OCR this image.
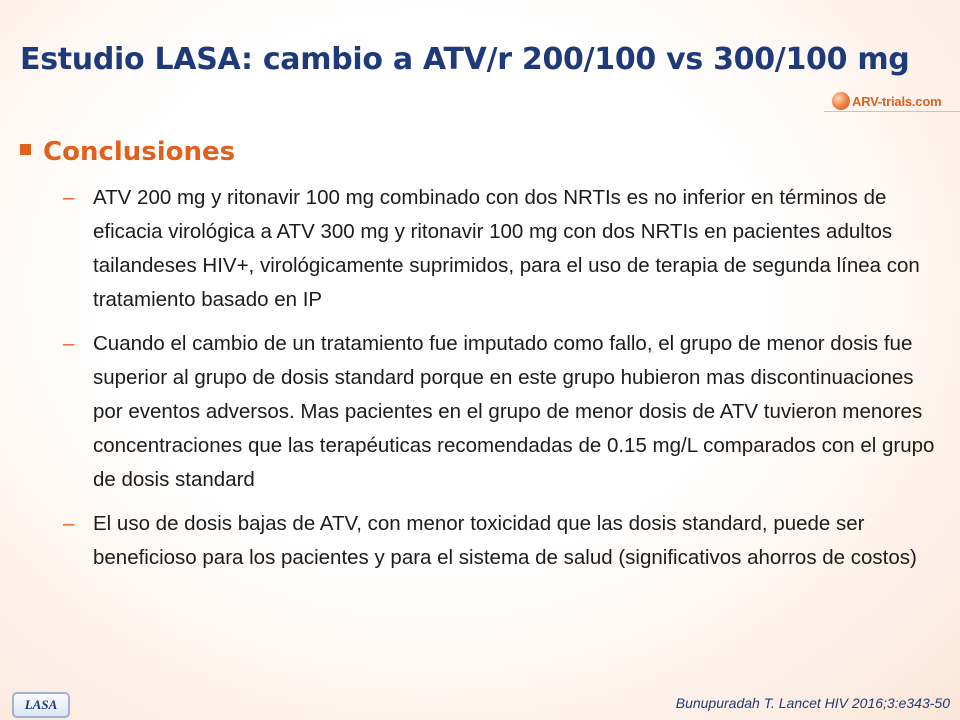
Estudio LASA: cambio a ATV/r 200/100 vs 300/100 mg
ARV-trials.com
Conclusiones
– ATV 200 mg y ritonavir 100 mg combinado con dos NRTIs es no inferior en términos de eficacia virológica a ATV 300 mg y ritonavir 100 mg con dos NRTIs en pacientes adultos tailandeses HIV+, virológicamente suprimidos, para el uso de terapia de segunda línea con tratamiento basado en IP
– Cuando el cambio de un tratamiento fue imputado como fallo, el grupo de menor dosis fue superior al grupo de dosis standard porque en este grupo hubieron mas discontinuaciones por eventos adversos. Mas pacientes en el grupo de menor dosis de ATV tuvieron menores concentraciones que las terapéuticas recomendadas de 0.15 mg/L comparados con el grupo de dosis standard
– El uso de dosis bajas de ATV, con menor toxicidad que las dosis standard, puede ser beneficioso para los pacientes y para el sistema de salud (significativos ahorros de costos)
LASA	Bunupuradah T. Lancet HIV 2016;3:e343-50
